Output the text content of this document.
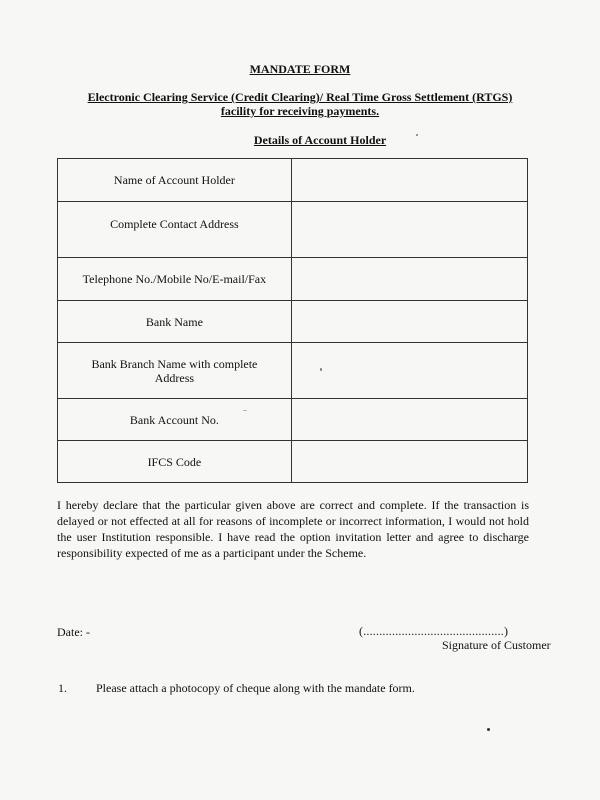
MANDATE FORM
Electronic Clearing Service (Credit Clearing)/ Real Time Gross Settlement (RTGS) facility for receiving payments.
Details of Account Holder
Name of Account Holder	
Complete Contact Address	
Telephone No./Mobile No/E-mail/Fax	
Bank Name	
Bank Branch Name with complete Address	
Bank Account No.	
IFCS Code	
I hereby declare that the particular given above are correct and complete. If the transaction is delayed or not effected at all for reasons of incomplete or incorrect information, I would not hold the user Institution responsible. I have read the option invitation letter and agree to discharge responsibility expected of me as a participant under the Scheme.
Date: -	(............................................)
Signature of Customer
1. Please attach a photocopy of cheque along with the mandate form.
